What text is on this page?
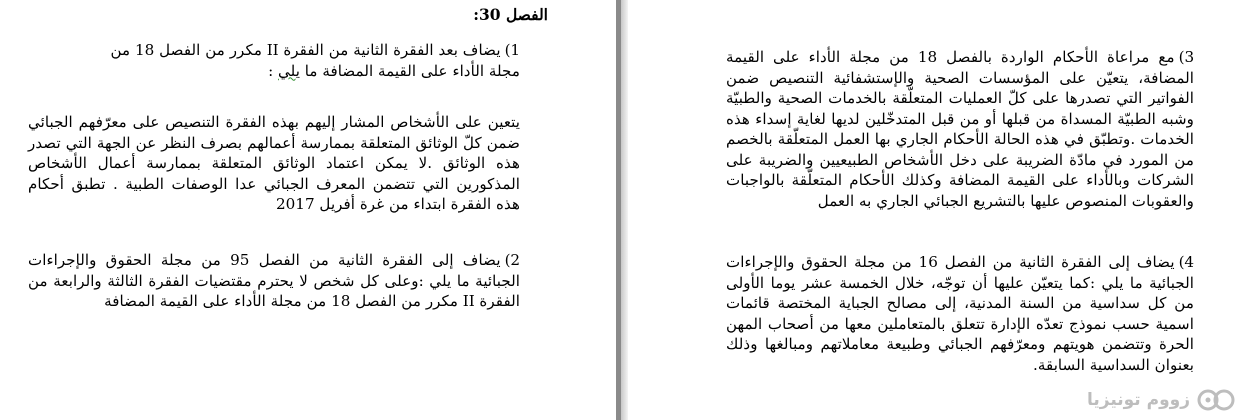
الفصل 30:
1)يضاف بعد الفقرة الثانية من الفقرة II مكرر من الفصل 18 من مجلة الأداء على القيمة المضافة ما يلي :
يتعين على الأشخاص المشار إليهم بهذه الفقرة التنصيص على معرّفهم الجبائي ضمن كلّ الوثائق المتعلقة بممارسة أعمالهم بصرف النظر عن الجهة التي تصدر هذه الوثائق .لا يمكن اعتماد الوثائق المتعلقة بممارسة أعمال الأشخاص المذكورين التي تتضمن المعرف الجبائي عدا الوصفات الطبية . تطبق أحكام هذه الفقرة ابتداء من غرة أفريل 2017
2)يضاف إلى الفقرة الثانية من الفصل 95 من مجلة الحقوق والإجراءات الجبائية ما يلي :وعلى كل شخص لا يحترم مقتضيات الفقرة الثالثة والرابعة من الفقرة II مكرر من الفصل 18 من مجلة الأداء على القيمة المضافة
3)مع مراعاة الأحكام الواردة بالفصل 18 من مجلة الأداء على القيمة المضافة، يتعيّن على المؤسسات الصحية والإستشفائية التنصيص ضمن الفواتير التي تصدرها على كلّ العمليات المتعلّقة بالخدمات الصحية والطبيّة وشبه الطبيّة المسداة من قبلها أو من قبل المتدخّلين لديها لغاية إسداء هذه الخدمات .وتطبّق في هذه الحالة الأحكام الجاري بها العمل المتعلّقة بالخصم من المورد في مادّة الضريبة على دخل الأشخاص الطبيعيين والضريبة على الشركات وبالأداء على القيمة المضافة وكذلك الأحكام المتعلّقة بالواجبات والعقوبات المنصوص عليها بالتشريع الجبائي الجاري به العمل
4)يضاف إلى الفقرة الثانية من الفصل 16 من مجلة الحقوق والإجراءات الجبائية ما يلي :كما يتعيّن عليها أن توجّه، خلال الخمسة عشر يوما الأولى من كل سداسية من السنة المدنية، إلى مصالح الجباية المختصة قائمات اسمية حسب نموذج تعدّه الإدارة تتعلق بالمتعاملين معها من أصحاب المهن الحرة وتتضمن هويتهم ومعرّفهم الجبائي وطبيعة معاملاتهم ومبالغها وذلك بعنوان السداسية السابقة.
زووم تونيزيا
